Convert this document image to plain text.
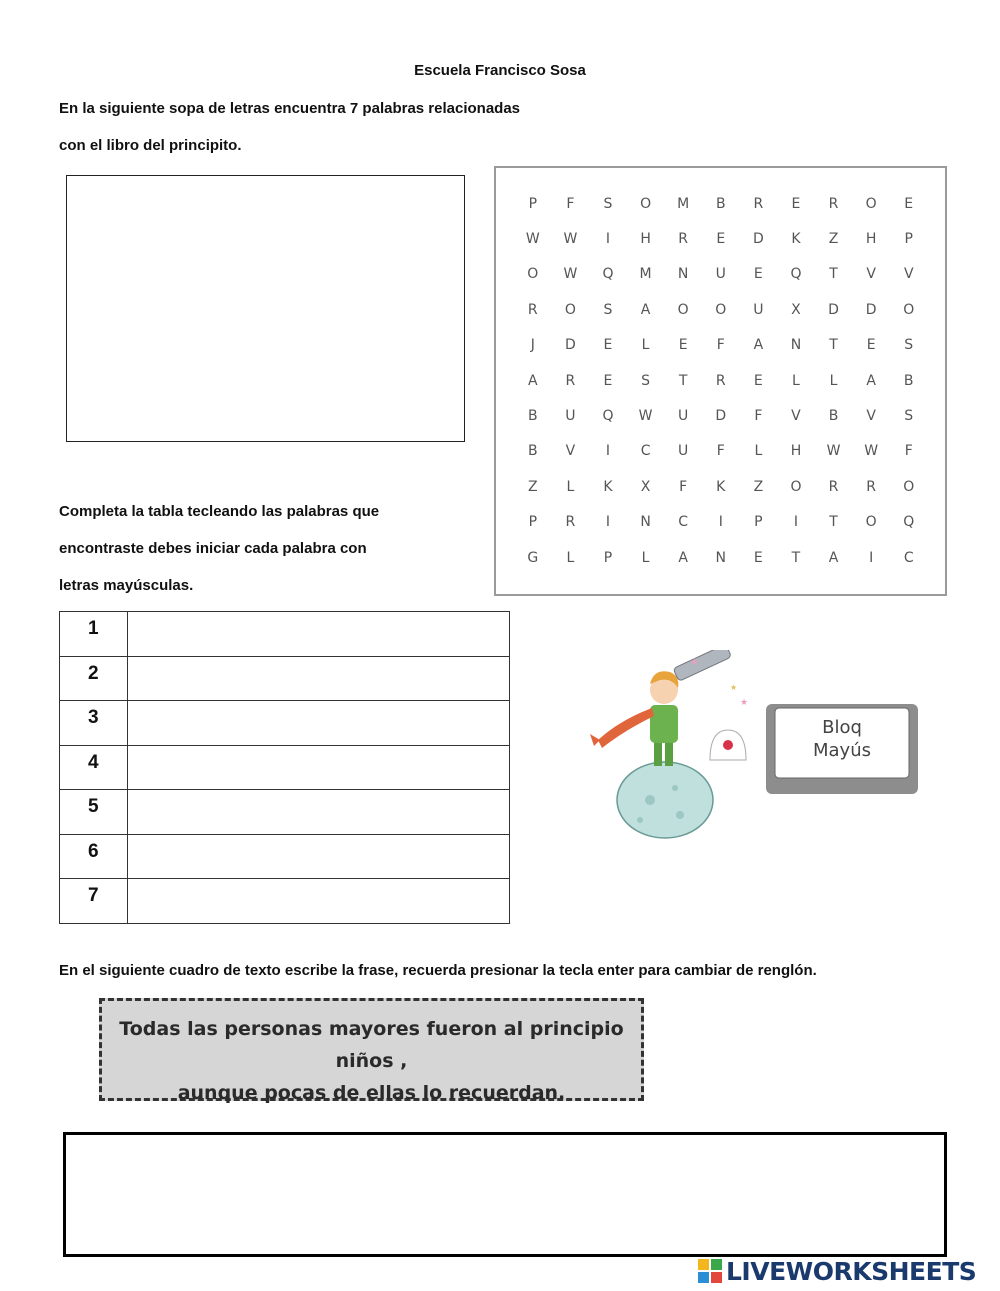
Escuela Francisco Sosa
En la siguiente sopa de letras encuentra 7 palabras relacionadas
con el libro del principito.
P	F	S	O	M	B	R	E	R	O	E
W	W	I	H	R	E	D	K	Z	H	P
O	W	Q	M	N	U	E	Q	T	V	V
R	O	S	A	O	O	U	X	D	D	O
J	D	E	L	E	F	A	N	T	E	S
A	R	E	S	T	R	E	L	L	A	B
B	U	Q	W	U	D	F	V	B	V	S
B	V	I	C	U	F	L	H	W	W	F
Z	L	K	X	F	K	Z	O	R	R	O
P	R	I	N	C	I	P	I	T	O	Q
G	L	P	L	A	N	E	T	A	I	C
Completa la tabla tecleando las palabras que
encontraste debes iniciar cada palabra con
letras mayúsculas.
1	
2	
3	
4	
5	
6	
7	
★
★
★
Bloq
Mayús
En el siguiente cuadro de texto escribe la frase, recuerda presionar la tecla enter para cambiar de renglón.
Todas las personas mayores fueron al principio niños ,
aunque pocas de ellas lo recuerdan.
LIVEWORKSHEETS
